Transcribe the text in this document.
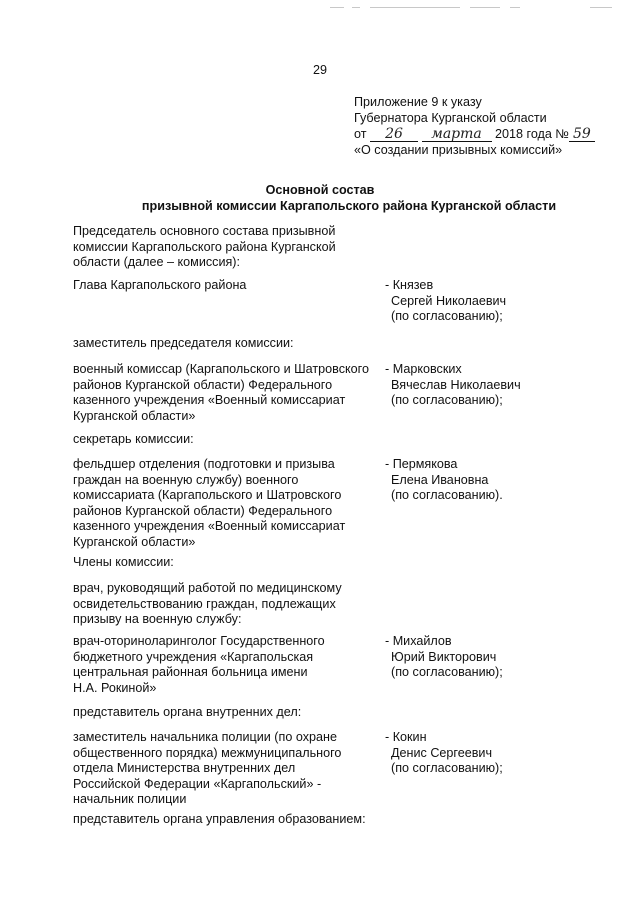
29
Приложение 9 к указу
Губернатора Курганской области
от 26 марта 2018 года № 59
«О создании призывных комиссий»
Основной состав
призывной комиссии Каргапольского района Курганской области
Председатель основного состава призывной
комиссии Каргапольского района Курганской
области (далее – комиссия):
Глава Каргапольского района	- Князев
Сергей Николаевич
(по согласованию);
заместитель председателя комиссии:
военный комиссар (Каргапольского и Шатровского
районов Курганской области) Федерального
казенного учреждения «Военный комиссариат
Курганской области»
- Марковских
Вячеслав Николаевич
(по согласованию);
секретарь комиссии:
фельдшер отделения (подготовки и призыва
граждан на военную службу) военного
комиссариата (Каргапольского и Шатровского
районов Курганской области) Федерального
казенного учреждения «Военный комиссариат
Курганской области»
- Пермякова
Елена Ивановна
(по согласованию).
Члены комиссии:
врач, руководящий работой по медицинскому
освидетельствованию граждан, подлежащих
призыву на военную службу:
врач-оториноларинголог Государственного
бюджетного учреждения «Каргапольская
центральная районная больница имени
Н.А. Рокиной»
- Михайлов
Юрий Викторович
(по согласованию);
представитель органа внутренних дел:
заместитель начальника полиции (по охране
общественного порядка) межмуниципального
отдела Министерства внутренних дел
Российской Федерации «Каргапольский» -
начальник полиции
- Кокин
Денис Сергеевич
(по согласованию);
представитель органа управления образованием:
